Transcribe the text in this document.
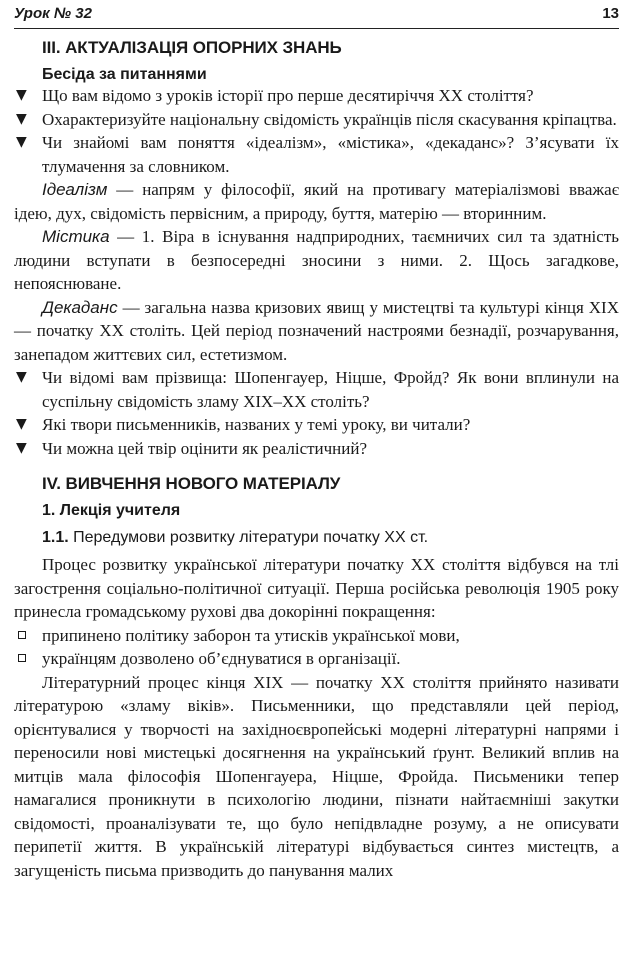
Урок № 32	13
III. АКТУАЛІЗАЦІЯ ОПОРНИХ ЗНАНЬ
Бесіда за питаннями
▼ Що вам відомо з уроків історії про перше десятиріччя ХХ століття?
▼ Охарактеризуйте національну свідомість українців після скасування кріпацтва.
▼ Чи знайомі вам поняття «ідеалізм», «містика», «декаданс»? З’ясувати їх тлумачення за словником.
Ідеалізм — напрям у філософії, який на противагу матеріалізмові вважає ідею, дух, свідомість первісним, а природу, буття, матерію — вторинним.
Містика — 1. Віра в існування надприродних, таємничих сил та здатність людини вступати в безпосередні зносини з ними. 2. Щось загадкове, непояснюване.
Декаданс — загальна назва кризових явищ у мистецтві та культурі кінця XIX — початку ХХ століть. Цей період позначений настроями безнадії, розчарування, занепадом життєвих сил, естетизмом.
▼ Чи відомі вам прізвища: Шопенгауер, Ніцше, Фройд? Як вони вплинули на суспільну свідомість зламу XIX–ХХ століть?
▼ Які твори письменників, названих у темі уроку, ви читали?
▼ Чи можна цей твір оцінити як реалістичний?
IV. ВИВЧЕННЯ НОВОГО МАТЕРІАЛУ
1. Лекція учителя
1.1. Передумови розвитку літератури початку ХХ ст.
Процес розвитку української літератури початку ХХ століття відбувся на тлі загострення соціально-політичної ситуації. Перша російська революція 1905 року принесла громадському рухові два докорінні покращення:
припинено політику заборон та утисків української мови,
українцям дозволено об’єднуватися в організації.
Літературний процес кінця XIX — початку ХХ століття прийнято називати літературою «зламу віків». Письменники, що представляли цей період, орієнтувалися у творчості на західноєвропейські модерні літературні напрями і переносили нові мистецькі досягнення на український ґрунт. Великий вплив на митців мала філософія Шопенгауера, Ніцше, Фройда. Письменики тепер намагалися проникнути в психологію людини, пізнати найтаємніші закутки свідомості, проаналізувати те, що було непідвладне розуму, а не описувати перипетії життя. В українській літературі відбувається синтез мистецтв, а загущеність письма призводить до панування малих
